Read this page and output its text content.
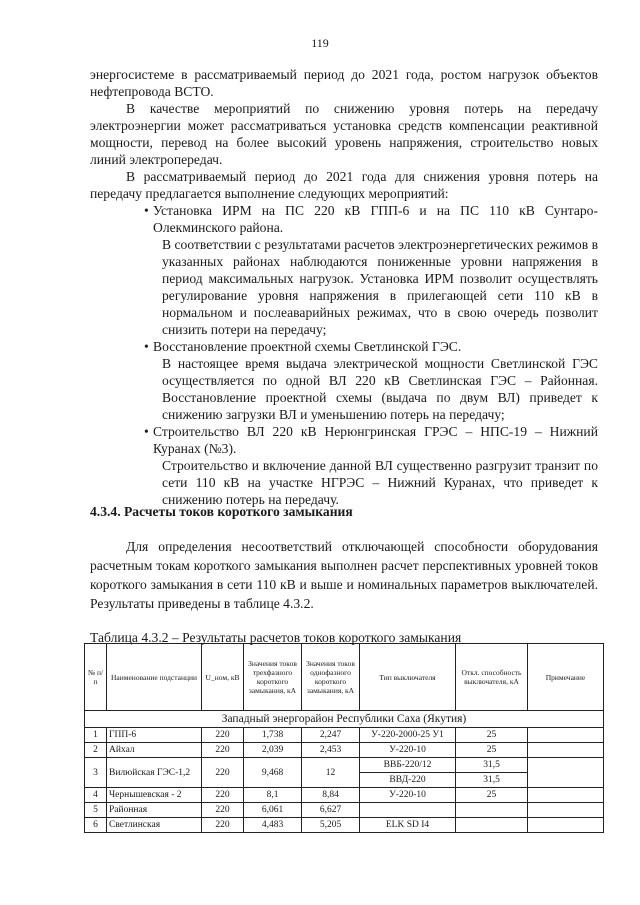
119

энергосистеме в рассматриваемый период до 2021 года, ростом нагрузок объектов

нефтепровода ВСТО.

В качестве мероприятий по снижению уровня потерь на передачу электроэнергии может рассматриваться установка средств компенсации реактивной мощности, перевод на более высокий уровень напряжения, строительство новых линий электропередач.

В рассматриваемый период до 2021 года для снижения уровня потерь на передачу предлагается выполнение следующих мероприятий:

• Установка ИРМ на ПС 220 кВ ГПП-6 и на ПС 110 кВ Сунтаро-Олекминского района.

В соответствии с результатами расчетов электроэнергетических режимов в указанных районах наблюдаются пониженные уровни напряжения в период максимальных нагрузок. Установка ИРМ позволит осуществлять регулирование уровня напряжения в прилегающей сети 110 кВ в нормальном и послеаварийных режимах, что в свою очередь позволит снизить потери на передачу;

• Восстановление проектной схемы Светлинской ГЭС.

В настоящее время выдача электрической мощности Светлинской ГЭС осуществляется по одной ВЛ 220 кВ Светлинская ГЭС – Районная. Восстановление проектной схемы (выдача по двум ВЛ) приведет к снижению загрузки ВЛ и уменьшению потерь на передачу;

• Строительство ВЛ 220 кВ Нерюнгринская ГРЭС – НПС-19 – Нижний Куранах (№3).

Строительство и включение данной ВЛ существенно разгрузит транзит по сети 110 кВ на участке НГРЭС – Нижний Куранах, что приведет к снижению потерь на передачу.

4.3.4. Расчеты токов короткого замыкания

Для определения несоответствий отключающей способности оборудования расчетным токам короткого замыкания выполнен расчет перспективных уровней токов короткого замыкания в сети 110 кВ и выше и номинальных параметров выключателей. Результаты приведены в таблице 4.3.2.

Таблица 4.3.2 – Результаты расчетов токов короткого замыкания

№ п/ п	Наименование подстанции	U_ном, кВ	Значения токов трехфазного короткого замыкания, кА	Значения токов однофазного короткого замыкания, кА	Тип выключателя	Откл. способность выключателя, кА	Примечание
Западный энергорайон Республики Саха (Якутия)							
1	ГПП-6	220	1,738	2,247	У-220-2000-25 У1	25	
2	Айхал	220	2,039	2,453	У-220-10	25	
3	Вилюйская ГЭС-1,2	220	9,468	12	ВВБ-220/12	31,5	
					ВВД-220	31,5	
4	Чернышевская - 2	220	8,1	8,84	У-220-10	25	
5	Районная	220	6,061	6,627			
6	Светлинская	220	4,483	5,205	ELK SD I4		
